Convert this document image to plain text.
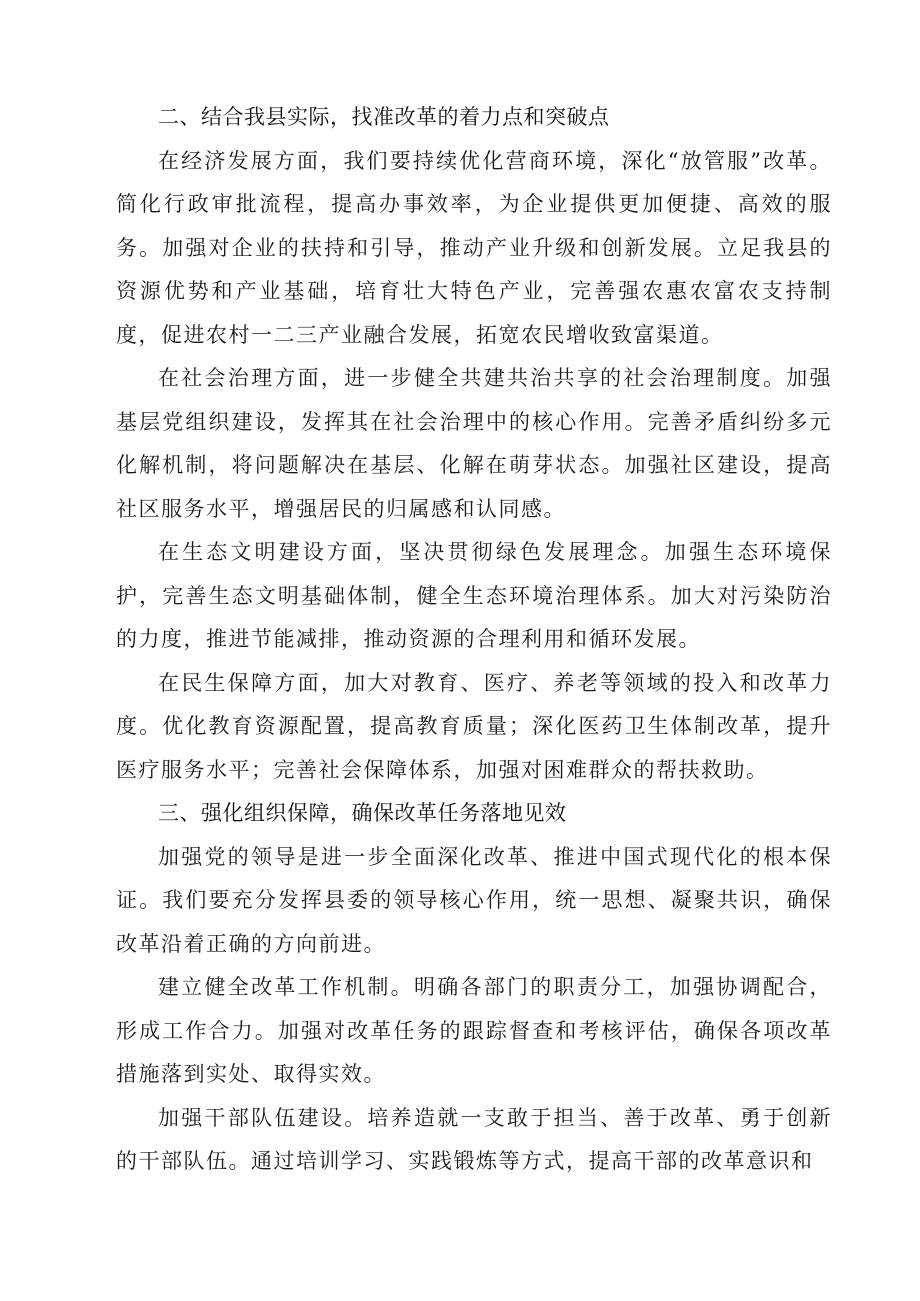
二、结合我县实际，找准改革的着力点和突破点

在经济发展方面，我们要持续优化营商环境，深化“放管服”改革。简化行政审批流程，提高办事效率，为企业提供更加便捷、高效的服务。加强对企业的扶持和引导，推动产业升级和创新发展。立足我县的资源优势和产业基础，培育壮大特色产业，完善强农惠农富农支持制度，促进农村一二三产业融合发展，拓宽农民增收致富渠道。

在社会治理方面，进一步健全共建共治共享的社会治理制度。加强基层党组织建设，发挥其在社会治理中的核心作用。完善矛盾纠纷多元化解机制，将问题解决在基层、化解在萌芽状态。加强社区建设，提高社区服务水平，增强居民的归属感和认同感。

在生态文明建设方面，坚决贯彻绿色发展理念。加强生态环境保护，完善生态文明基础体制，健全生态环境治理体系。加大对污染防治的力度，推进节能减排，推动资源的合理利用和循环发展。

在民生保障方面，加大对教育、医疗、养老等领域的投入和改革力度。优化教育资源配置，提高教育质量；深化医药卫生体制改革，提升医疗服务水平；完善社会保障体系，加强对困难群众的帮扶救助。

三、强化组织保障，确保改革任务落地见效

加强党的领导是进一步全面深化改革、推进中国式现代化的根本保证。我们要充分发挥县委的领导核心作用，统一思想、凝聚共识，确保改革沿着正确的方向前进。

建立健全改革工作机制。明确各部门的职责分工，加强协调配合，形成工作合力。加强对改革任务的跟踪督查和考核评估，确保各项改革措施落到实处、取得实效。

加强干部队伍建设。培养造就一支敢于担当、善于改革、勇于创新的干部队伍。通过培训学习、实践锻炼等方式，提高干部的改革意识和
